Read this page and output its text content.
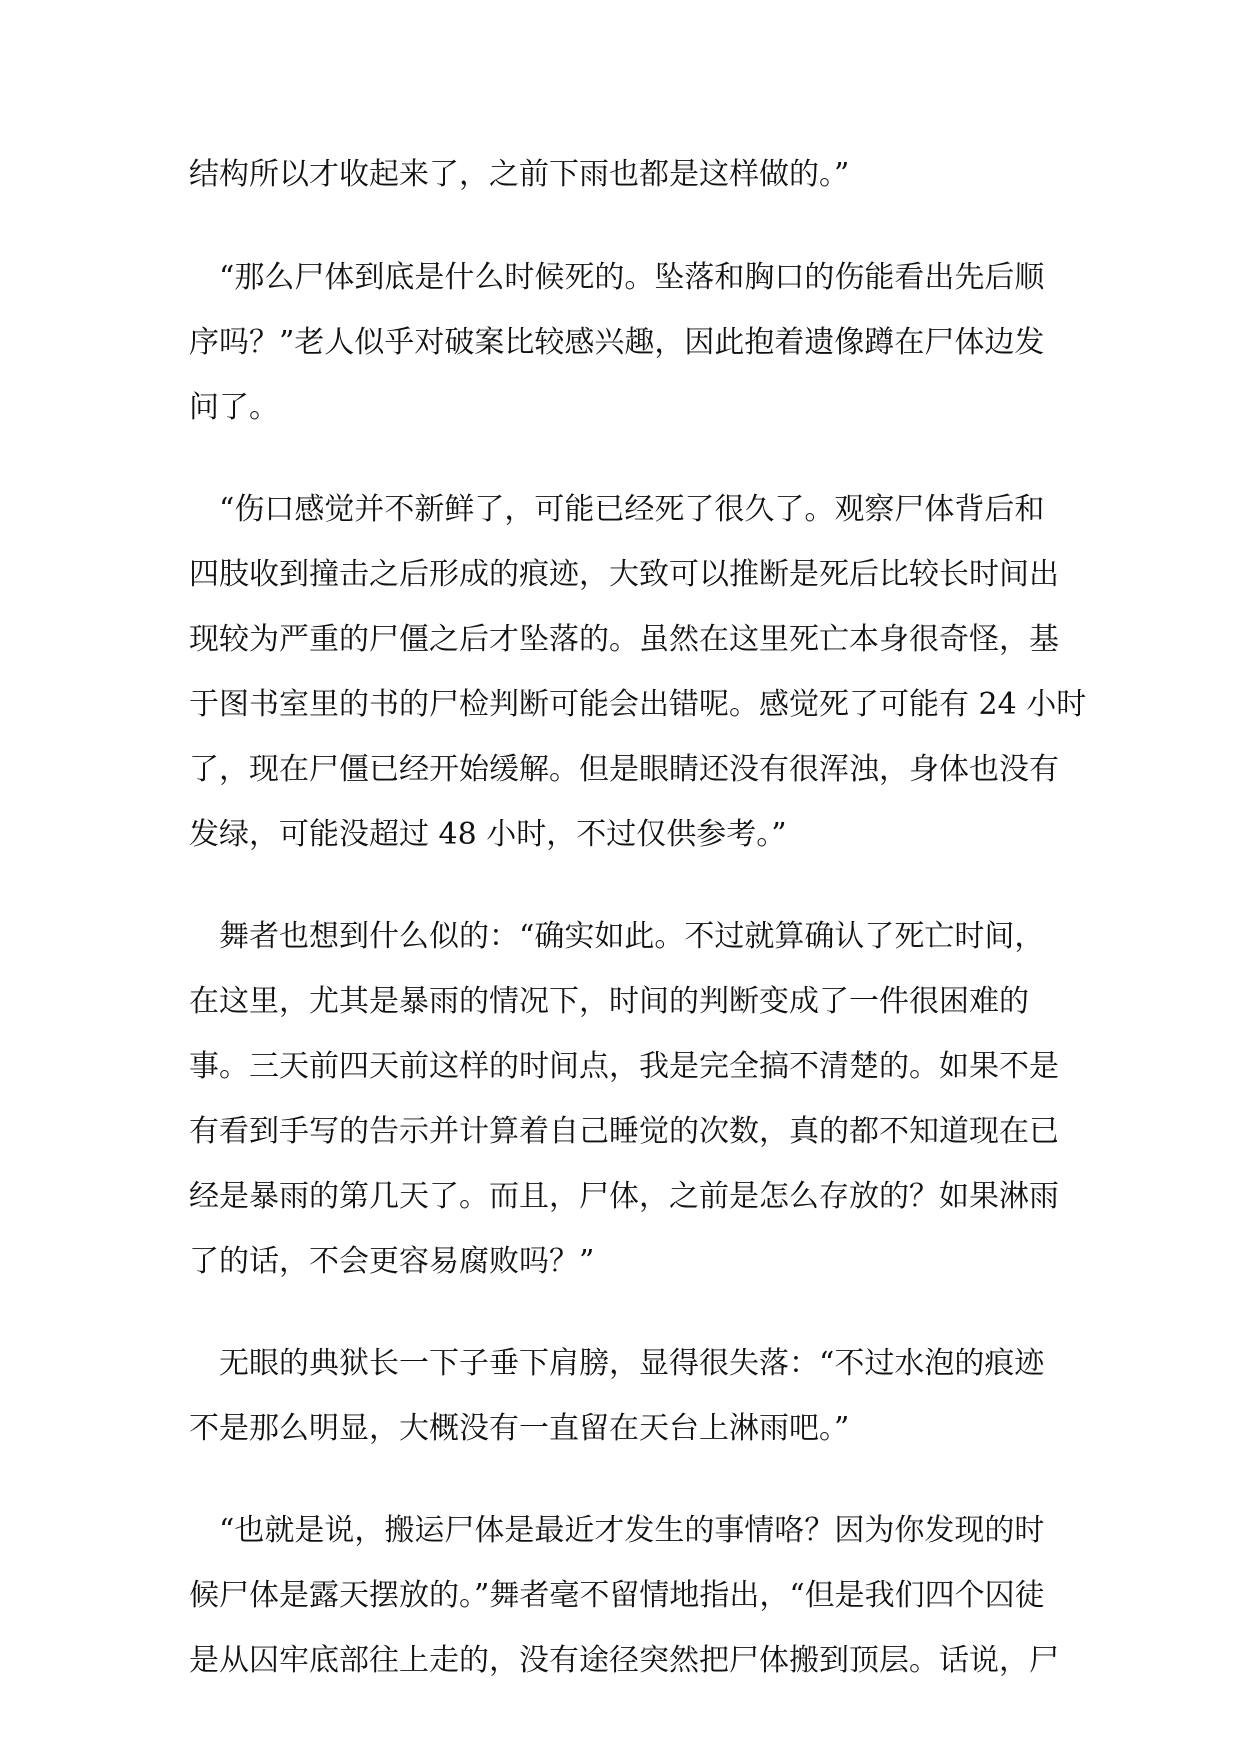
结构所以才收起来了，之前下雨也都是这样做的。”
　“那么尸体到底是什么时候死的。坠落和胸口的伤能看出先后顺
序吗？”老人似乎对破案比较感兴趣，因此抱着遗像蹲在尸体边发
问了。
　“伤口感觉并不新鲜了，可能已经死了很久了。观察尸体背后和
四肢收到撞击之后形成的痕迹，大致可以推断是死后比较长时间出
现较为严重的尸僵之后才坠落的。虽然在这里死亡本身很奇怪，基
于图书室里的书的尸检判断可能会出错呢。感觉死了可能有 24 小时
了，现在尸僵已经开始缓解。但是眼睛还没有很浑浊，身体也没有
发绿，可能没超过 48 小时，不过仅供参考。”
　舞者也想到什么似的：“确实如此。不过就算确认了死亡时间，
在这里，尤其是暴雨的情况下，时间的判断变成了一件很困难的
事。三天前四天前这样的时间点，我是完全搞不清楚的。如果不是
有看到手写的告示并计算着自己睡觉的次数，真的都不知道现在已
经是暴雨的第几天了。而且，尸体，之前是怎么存放的？如果淋雨
了的话，不会更容易腐败吗？”
　无眼的典狱长一下子垂下肩膀，显得很失落：“不过水泡的痕迹
不是那么明显，大概没有一直留在天台上淋雨吧。”
　“也就是说，搬运尸体是最近才发生的事情咯？因为你发现的时
候尸体是露天摆放的。”舞者毫不留情地指出，“但是我们四个囚徒
是从囚牢底部往上走的，没有途径突然把尸体搬到顶层。话说，尸
